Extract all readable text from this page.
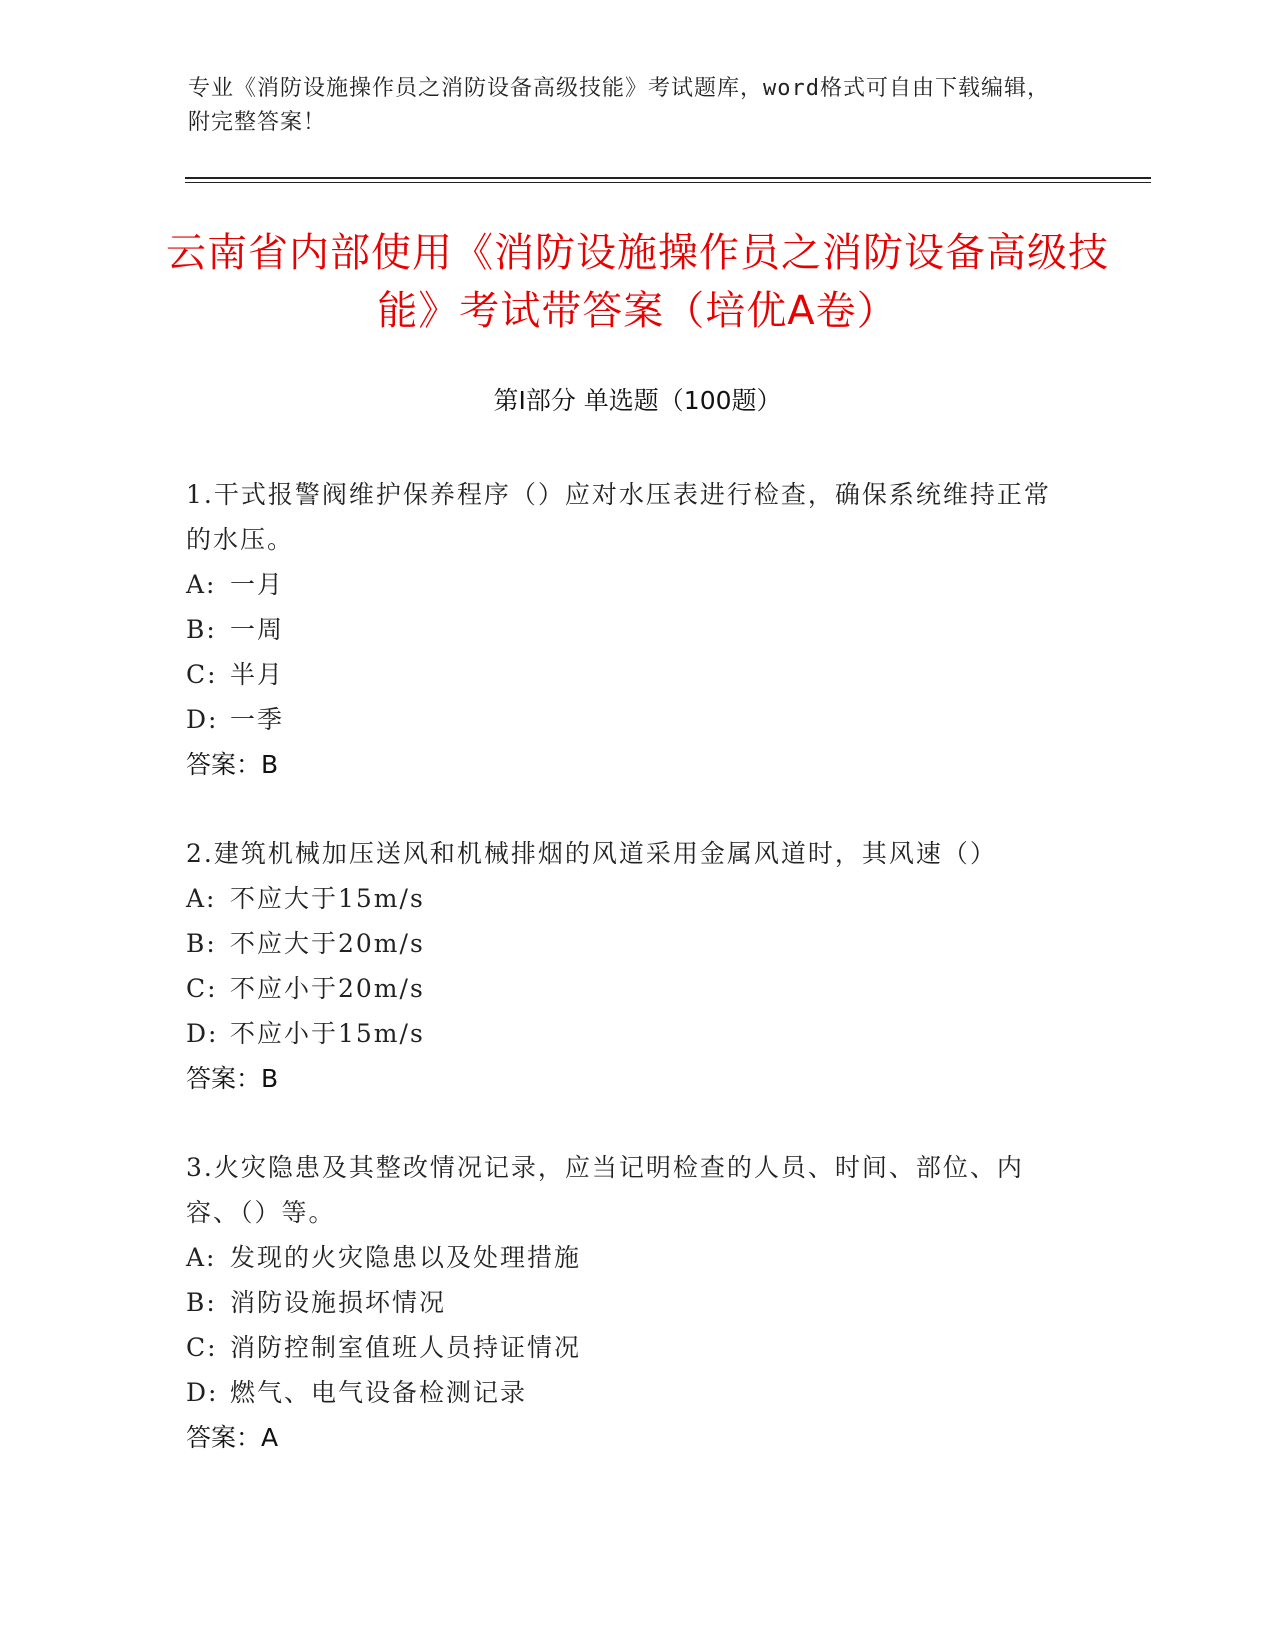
专业《消防设施操作员之消防设备高级技能》考试题库，word格式可自由下载编辑，附完整答案！
云南省内部使用《消防设施操作员之消防设备高级技能》考试带答案（培优A卷）
第I部分 单选题（100题）

1.干式报警阀维护保养程序（）应对水压表进行检查，确保系统维持正常的水压。

A: 一月

B: 一周

C: 半月

D: 一季

答案：B

2.建筑机械加压送风和机械排烟的风道采用金属风道时，其风速（）

A: 不应大于15m/s

B: 不应大于20m/s

C: 不应小于20m/s

D: 不应小于15m/s

答案：B

3.火灾隐患及其整改情况记录，应当记明检查的人员、时间、部位、内容、（）等。

A: 发现的火灾隐患以及处理措施

B: 消防设施损坏情况

C: 消防控制室值班人员持证情况

D: 燃气、电气设备检测记录

答案：A
